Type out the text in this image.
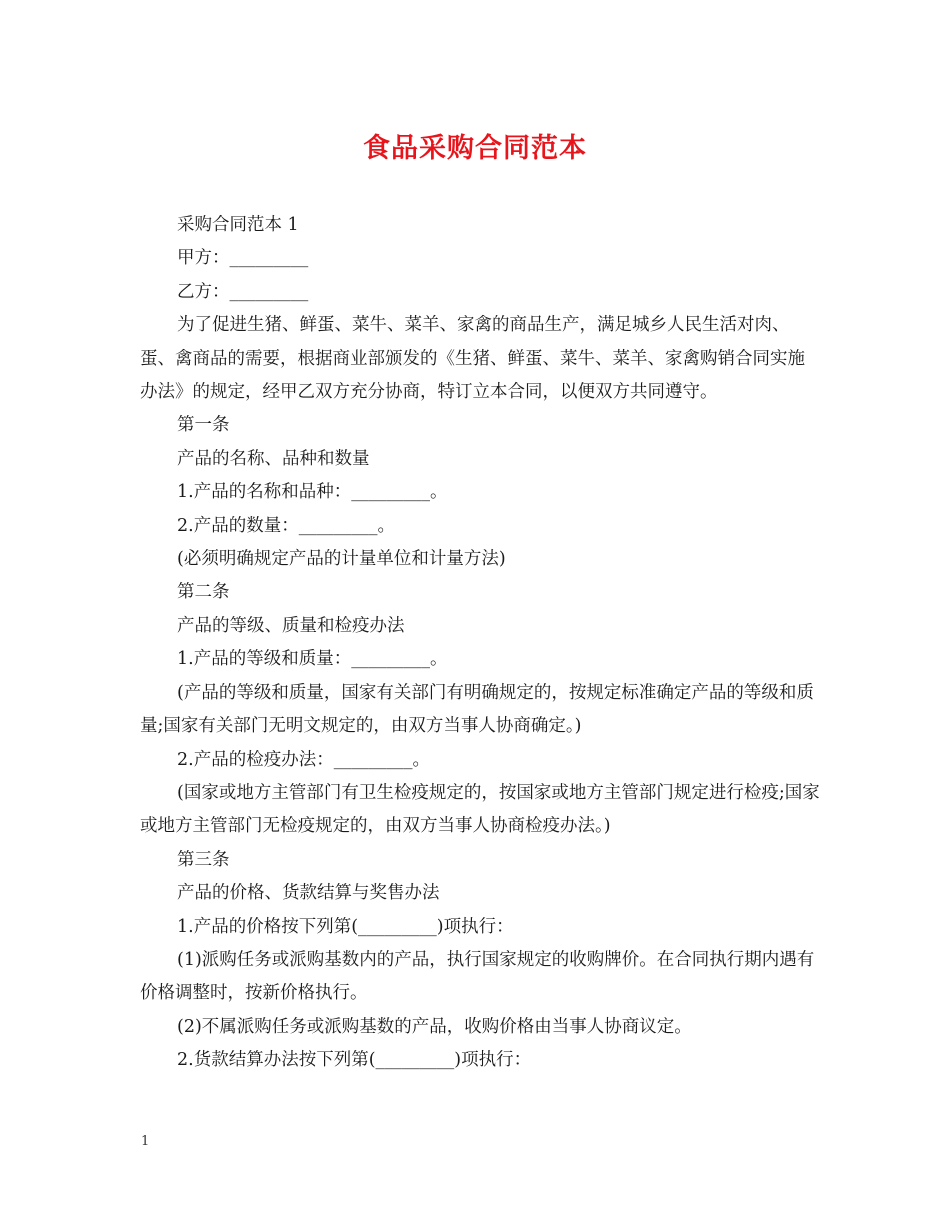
食品采购合同范本

采购合同范本 1

甲方：_________

乙方：_________

为了促进生猪、鲜蛋、菜牛、菜羊、家禽的商品生产，满足城乡人民生活对肉、蛋、禽商品的需要，根据商业部颁发的《生猪、鲜蛋、菜牛、菜羊、家禽购销合同实施办法》的规定，经甲乙双方充分协商，特订立本合同，以便双方共同遵守。

第一条

产品的名称、品种和数量

1.产品的名称和品种：_________。

2.产品的数量：_________。

(必须明确规定产品的计量单位和计量方法)

第二条

产品的等级、质量和检疫办法

1.产品的等级和质量：_________。

(产品的等级和质量，国家有关部门有明确规定的，按规定标准确定产品的等级和质量;国家有关部门无明文规定的，由双方当事人协商确定。)

2.产品的检疫办法：_________。

(国家或地方主管部门有卫生检疫规定的，按国家或地方主管部门规定进行检疫;国家或地方主管部门无检疫规定的，由双方当事人协商检疫办法。)

第三条

产品的价格、货款结算与奖售办法

1.产品的价格按下列第(_________)项执行：

(1)派购任务或派购基数内的产品，执行国家规定的收购牌价。在合同执行期内遇有价格调整时，按新价格执行。

(2)不属派购任务或派购基数的产品，收购价格由当事人协商议定。

2.货款结算办法按下列第(_________)项执行：

1
